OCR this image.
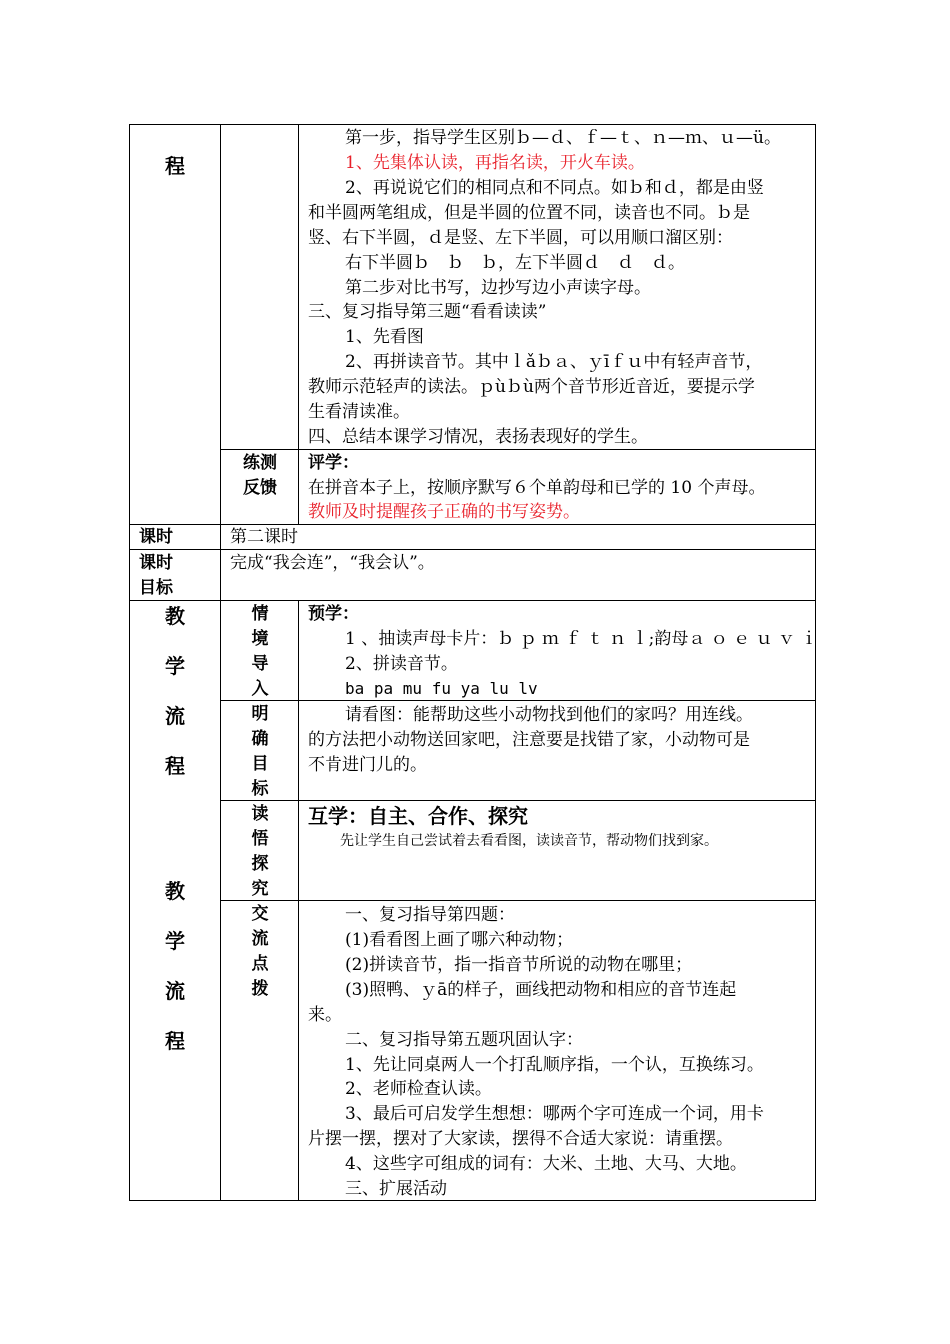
程
第一步，指导学生区别ｂ—ｄ、ｆ—ｔ、ｎ—ｍ、ｕ—ü。
1、先集体认读，再指名读，开火车读。
2、再说说它们的相同点和不同点。如ｂ和ｄ，都是由竖
和半圆两笔组成，但是半圆的位置不同，读音也不同。ｂ是
竖、右下半圆，ｄ是竖、左下半圆，可以用顺口溜区别：
右下半圆ｂ　ｂ　ｂ，左下半圆ｄ　ｄ　ｄ。
第二步对比书写，边抄写边小声读字母。
三、复习指导第三题“看看读读”
1、先看图
2、再拼读音节。其中ｌǎｂａ、ｙīｆｕ中有轻声音节，
教师示范轻声的读法。ｐùｂù两个音节形近音近，要提示学
生看清读准。
四、总结本课学习情况，表扬表现好的学生。
练测
反馈
评学：
在拼音本子上，按顺序默写６个单韵母和已学的 10 个声母。
教师及时提醒孩子正确的书写姿势。
课时	第二课时
课时
目标
完成“我会连”，“我会认”。
教
学
流
程
教
学
流
程
情
境
导
入
预学：
1 、抽读声母卡片：ｂ ｐ ｍ ｆ ｔ ｎ ｌ;韵母ａ ｏ ｅ ｕ ｖ ｉ
2、拼读音节。
ba pa mu fu ya lu lv
明
确
目
标
请看图：能帮助这些小动物找到他们的家吗？用连线。
的方法把小动物送回家吧，注意要是找错了家，小动物可是
不肯进门儿的。
读
悟
探
究
互学：自主、合作、探究
先让学生自己尝试着去看看图，读读音节，帮动物们找到家。
交
流
点
拨
一、复习指导第四题：
(1)看看图上画了哪六种动物；
(2)拼读音节，指一指音节所说的动物在哪里；
(3)照鸭、ｙā的样子，画线把动物和相应的音节连起
来。
二、复习指导第五题巩固认字：
1、先让同桌两人一个打乱顺序指，一个认，互换练习。
2、老师检查认读。
3、最后可启发学生想想：哪两个字可连成一个词，用卡
片摆一摆，摆对了大家读，摆得不合适大家说：请重摆。
4、这些字可组成的词有：大米、土地、大马、大地。
三、扩展活动
